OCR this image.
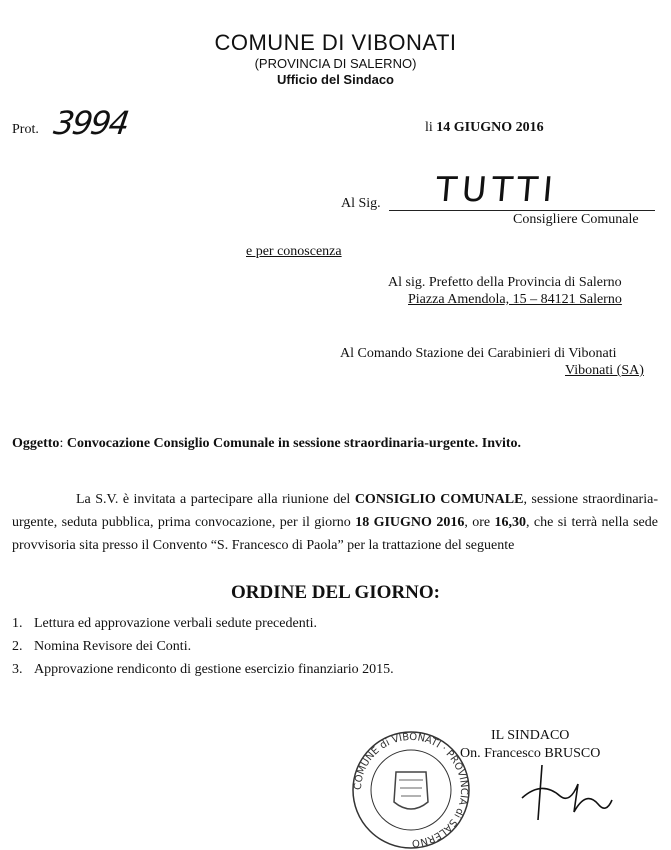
COMUNE DI VIBONATI
(PROVINCIA DI SALERNO)
Ufficio del Sindaco
Prot. 3994	li 14 GIUGNO 2016
Al Sig. TUTTI
Consigliere Comunale
e per conoscenza
Al sig. Prefetto della Provincia di Salerno
Piazza Amendola, 15 – 84121 Salerno
Al Comando Stazione dei Carabinieri di Vibonati
Vibonati (SA)
Oggetto: Convocazione Consiglio Comunale in sessione straordinaria-urgente. Invito.
La S.V. è invitata a partecipare alla riunione del CONSIGLIO COMUNALE, sessione straordinaria-urgente, seduta pubblica, prima convocazione, per il giorno 18 GIUGNO 2016, ore 16,30, che si terrà nella sede provvisoria sita presso il Convento “S. Francesco di Paola” per la trattazione del seguente
ORDINE DEL GIORNO:
1. Lettura ed approvazione verbali sedute precedenti.
2. Nomina Revisore dei Conti.
3. Approvazione rendiconto di gestione esercizio finanziario 2015.
COMUNE di VIBONATI · PROVINCIA di SALERNO
IL SINDACO
On. Francesco BRUSCO
